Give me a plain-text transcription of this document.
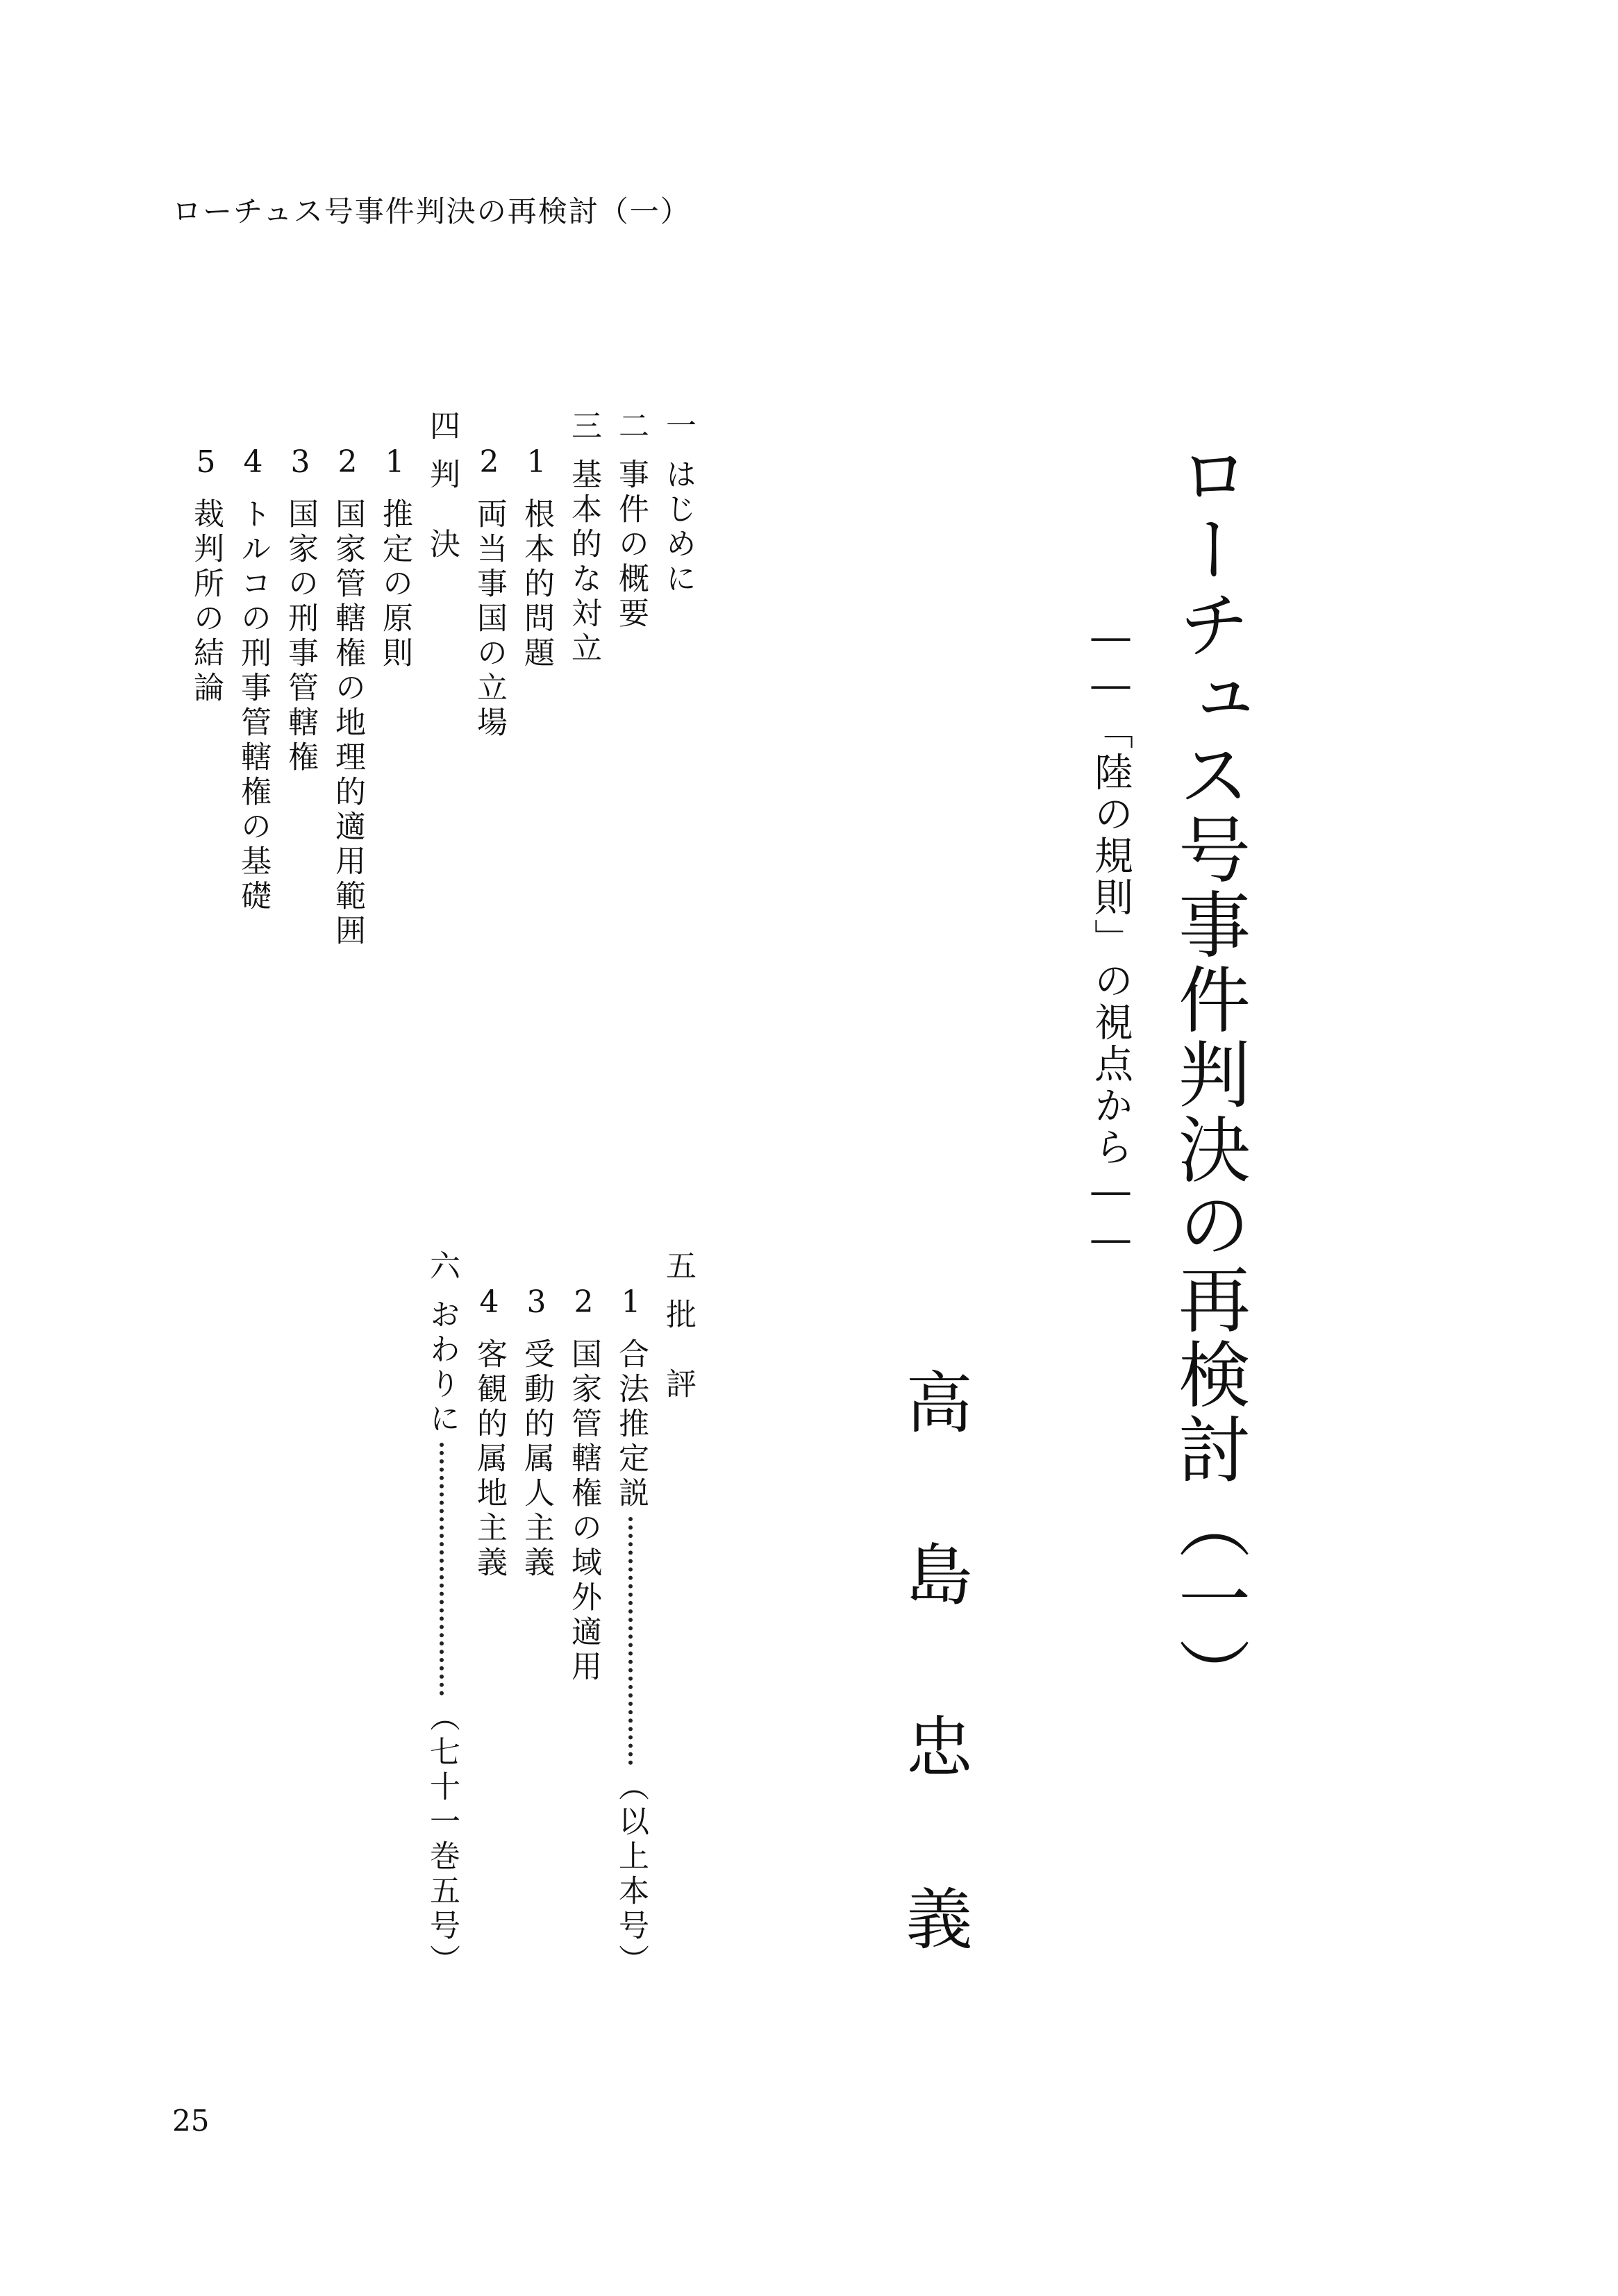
ローチュス号事件判決の再検討（一）
ローチュス号事件判決の再検討（一）
――「陸の規則」の視点から――
高島忠義
一はじめに
二事件の概要
三基本的な対立
1根本的問題
2両当事国の立場
四判　決
1推定の原則
2国家管轄権の地理的適用範囲
3国家の刑事管轄権
4トルコの刑事管轄権の基礎
5裁判所の結論
五批　評
1
合法推定説
（以上本号）
2国家管轄権の域外適用
3受動的属人主義
4客観的属地主義
六
おわりに
（七十一巻五号）
25
